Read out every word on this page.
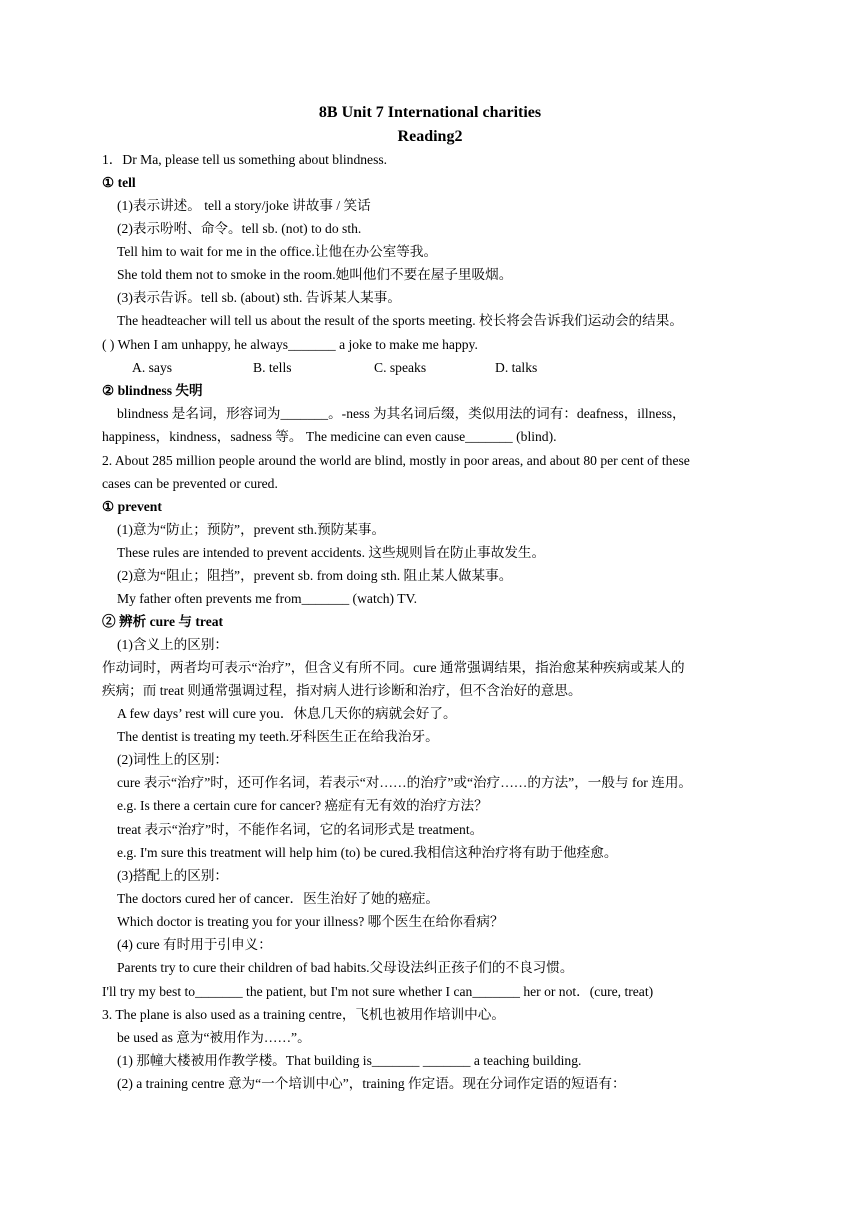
8B Unit 7 International charities
Reading2
1．Dr Ma, please tell us something about blindness.
① tell
(1)表示讲述。 tell a story/joke 讲故事 / 笑话
(2)表示吩咐、命令。tell sb. (not) to do sth.
Tell him to wait for me in the office.让他在办公室等我。
She told them not to smoke in the room.她叫他们不要在屋子里吸烟。
(3)表示告诉。tell sb. (about) sth. 告诉某人某事。
The headteacher will tell us about the result of the sports meeting. 校长将会告诉我们运动会的结果。
( ) When I am unhappy, he always_______ a joke to make me happy.
A. says	B. tells	C. speaks	D. talks
② blindness 失明
blindness 是名词，形容词为_______。-ness 为其名词后缀，类似用法的词有：deafness，illness，
happiness，kindness，sadness 等。 The medicine can even cause_______ (blind).
2. About 285 million people around the world are blind, mostly in poor areas, and about 80 per cent of these
cases can be prevented or cured.
① prevent
(1)意为“防止；预防”，prevent sth.预防某事。
These rules are intended to prevent accidents. 这些规则旨在防止事故发生。
(2)意为“阻止；阻挡”，prevent sb. from doing sth. 阻止某人做某事。
My father often prevents me from_______ (watch) TV.
② 辨析 cure 与 treat
(1)含义上的区别：
作动词时，两者均可表示“治疗”，但含义有所不同。cure 通常强调结果，指治愈某种疾病或某人的
疾病；而 treat 则通常强调过程，指对病人进行诊断和治疗，但不含治好的意思。
A few days’ rest will cure you．休息几天你的病就会好了。
The dentist is treating my teeth.牙科医生正在给我治牙。
(2)词性上的区别：
cure 表示“治疗”时，还可作名词，若表示“对……的治疗”或“治疗……的方法”，一般与 for 连用。
e.g. Is there a certain cure for cancer? 癌症有无有效的治疗方法？
treat 表示“治疗”时，不能作名词，它的名词形式是 treatment。
e.g. I'm sure this treatment will help him (to) be cured.我相信这种治疗将有助于他痊愈。
(3)搭配上的区别：
The doctors cured her of cancer．医生治好了她的癌症。
Which doctor is treating you for your illness? 哪个医生在给你看病？
(4) cure 有时用于引申义：
Parents try to cure their children of bad habits.父母设法纠正孩子们的不良习惯。
I'll try my best to_______ the patient, but I'm not sure whether I can_______ her or not．(cure, treat)
3. The plane is also used as a training centre，飞机也被用作培训中心。
be used as 意为“被用作为……”。
(1) 那幢大楼被用作教学楼。That building is_______ _______ a teaching building.
(2) a training centre 意为“一个培训中心”，training 作定语。现在分词作定语的短语有：
